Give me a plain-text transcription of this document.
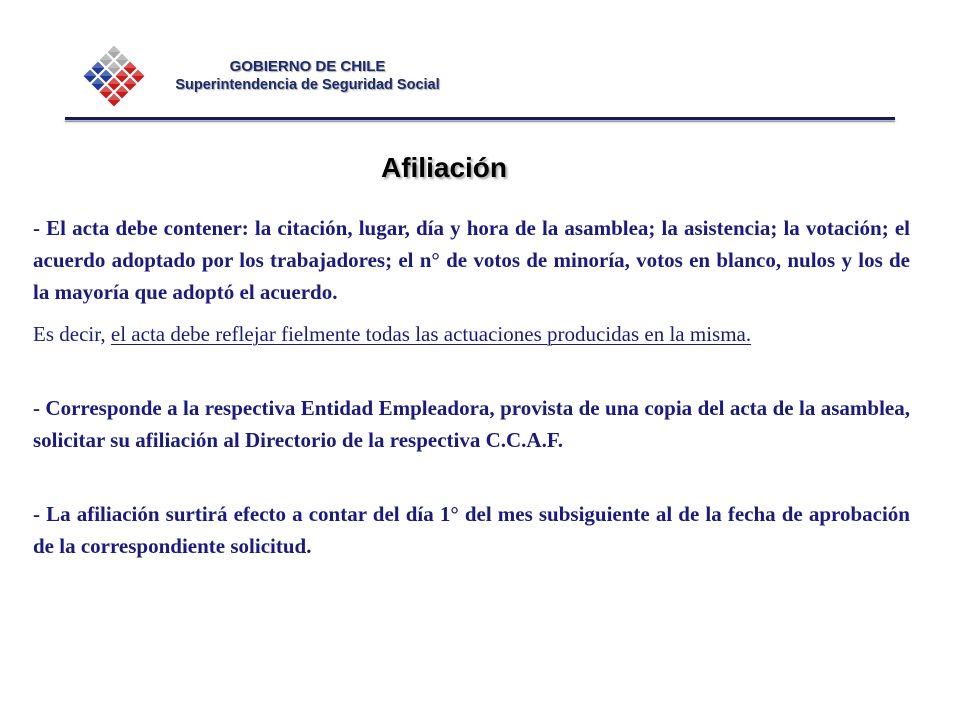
GOBIERNO DE CHILE
Superintendencia de Seguridad Social
Afiliación

- El acta debe contener: la citación, lugar, día y hora de la asamblea; la asistencia; la votación; el acuerdo adoptado por los trabajadores; el n° de votos de minoría, votos en blanco, nulos y los de la mayoría que adoptó el acuerdo.

Es decir, el acta debe reflejar fielmente todas las actuaciones producidas en la misma.

- Corresponde a la respectiva Entidad Empleadora, provista de una copia del acta de la asamblea, solicitar su afiliación al Directorio de la respectiva C.C.A.F.

- La afiliación surtirá efecto a contar del día 1° del mes subsiguiente al de la fecha de aprobación de la correspondiente solicitud.
